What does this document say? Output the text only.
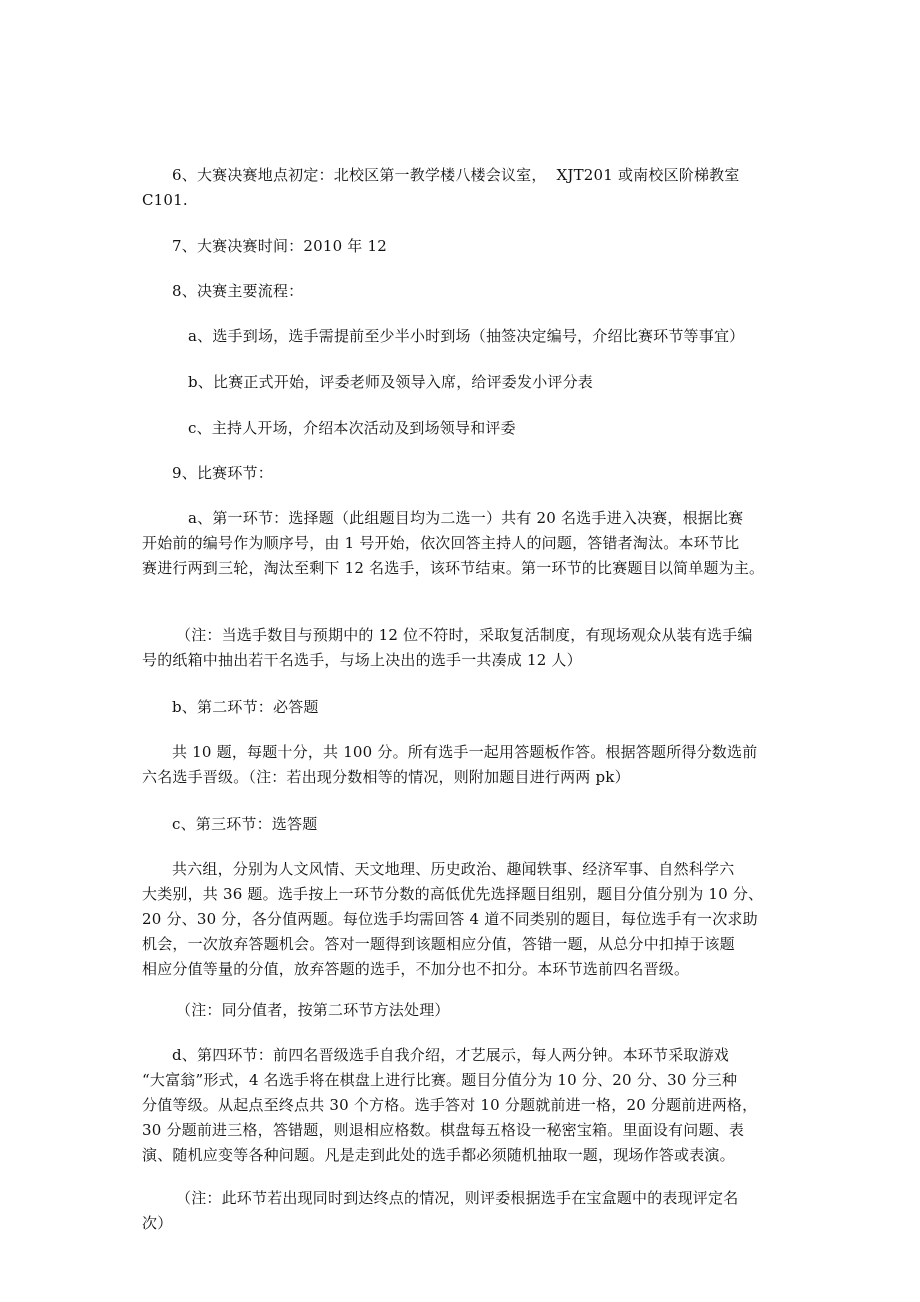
6、大赛决赛地点初定：北校区第一教学楼八楼会议室，  XJT201 或南校区阶梯教室
C101.

7、大赛决赛时间：2010 年 12

8、决赛主要流程：

a、选手到场，选手需提前至少半小时到场（抽签决定编号，介绍比赛环节等事宜）

b、比赛正式开始，评委老师及领导入席，给评委发小评分表

c、主持人开场，介绍本次活动及到场领导和评委

9、比赛环节：

a、第一环节：选择题（此组题目均为二选一）共有 20 名选手进入决赛，根据比赛
开始前的编号作为顺序号，由 1 号开始，依次回答主持人的问题，答错者淘汰。本环节比
赛进行两到三轮，淘汰至剩下 12 名选手，该环节结束。第一环节的比赛题目以简单题为主。

（注：当选手数目与预期中的 12 位不符时，采取复活制度，有现场观众从装有选手编
号的纸箱中抽出若干名选手，与场上决出的选手一共凑成 12 人）

b、第二环节：必答题

共 10 题，每题十分，共 100 分。所有选手一起用答题板作答。根据答题所得分数选前
六名选手晋级。（注：若出现分数相等的情况，则附加题目进行两两 pk）

c、第三环节：选答题

共六组，分别为人文风情、天文地理、历史政治、趣闻轶事、经济军事、自然科学六
大类别，共 36 题。选手按上一环节分数的高低优先选择题目组别，题目分值分别为 10 分、
20 分、30 分，各分值两题。每位选手均需回答 4 道不同类别的题目，每位选手有一次求助
机会，一次放弃答题机会。答对一题得到该题相应分值，答错一题，从总分中扣掉于该题
相应分值等量的分值，放弃答题的选手，不加分也不扣分。本环节选前四名晋级。

（注：同分值者，按第二环节方法处理）

d、第四环节：前四名晋级选手自我介绍，才艺展示，每人两分钟。本环节采取游戏
“大富翁”形式，4 名选手将在棋盘上进行比赛。题目分值分为 10 分、20 分、30 分三种
分值等级。从起点至终点共 30 个方格。选手答对 10 分题就前进一格，20 分题前进两格，
30 分题前进三格，答错题，则退相应格数。棋盘每五格设一秘密宝箱。里面设有问题、表
演、随机应变等各种问题。凡是走到此处的选手都必须随机抽取一题，现场作答或表演。

（注：此环节若出现同时到达终点的情况，则评委根据选手在宝盒题中的表现评定名
次）
